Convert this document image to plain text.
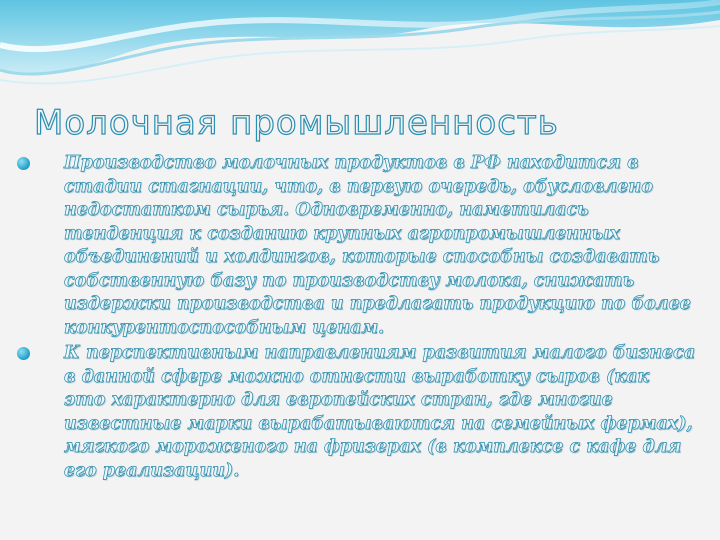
Молочная промышленность
Производство молочных продуктов в РФ находится в стадии стагнации, что, в первую очередь, обусловлено недостатком сырья. Одновременно, наметилась тенденция к созданию крупных агропромышленных объединений и холдингов, которые способны создавать собственную базу по производству молока, снижать издержки производства и предлагать продукцию по более конкурентоспособным ценам.
К перспективным направлениям развития малого бизнеса в данной сфере можно отнести выработку сыров (как это характерно для европейских стран, где многие известные марки вырабатываются на семейных фермах), мягкого мороженого на фризерах (в комплексе с кафе для его реализации).
